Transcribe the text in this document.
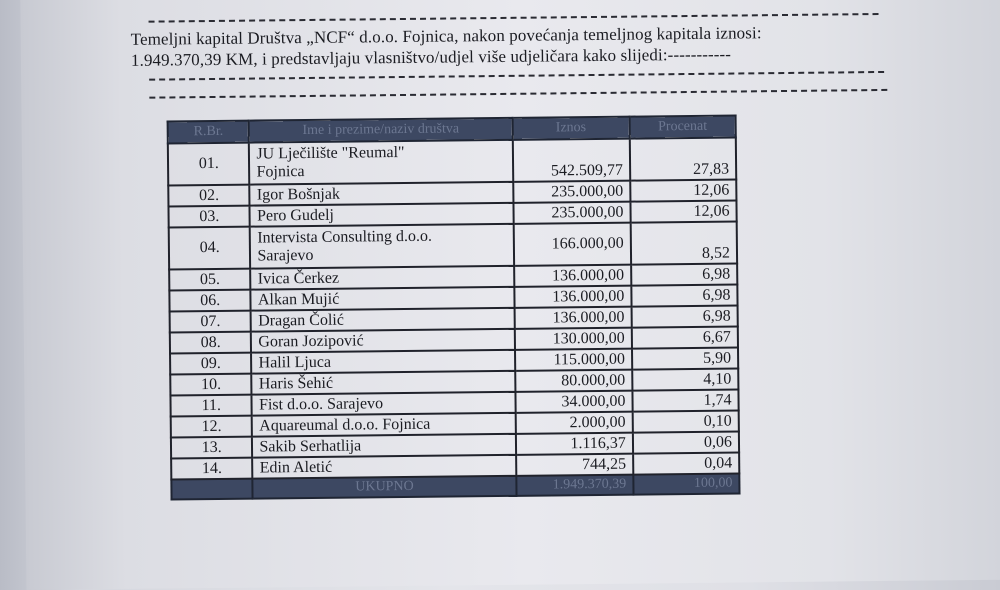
Temeljni kapital Društva „NCF“ d.o.o. Fojnica, nakon povećanja temeljnog kapitala iznosi:
1.949.370,39 KM, i predstavljaju vlasništvo/udjel više udjeličara kako slijedi:-----------
R.Br.	Ime i prezime/naziv društva	Iznos	Procenat
01.	JU Lječilište "Reumal"
Fojnica	542.509,77	27,83
02.	Igor Bošnjak	235.000,00	12,06
03.	Pero Gudelj	235.000,00	12,06
04.	Intervista Consulting d.o.o.
Sarajevo	166.000,00	8,52
05.	Ivica Čerkez	136.000,00	6,98
06.	Alkan Mujić	136.000,00	6,98
07.	Dragan Čolić	136.000,00	6,98
08.	Goran Jozipović	130.000,00	6,67
09.	Halil Ljuca	115.000,00	5,90
10.	Haris Šehić	80.000,00	4,10
11.	Fist d.o.o. Sarajevo	34.000,00	1,74
12.	Aquareumal d.o.o. Fojnica	2.000,00	0,10
13.	Sakib Serhatlija	1.116,37	0,06
14.	Edin Aletić	744,25	0,04
	UKUPNO	1.949.370,39	100,00
